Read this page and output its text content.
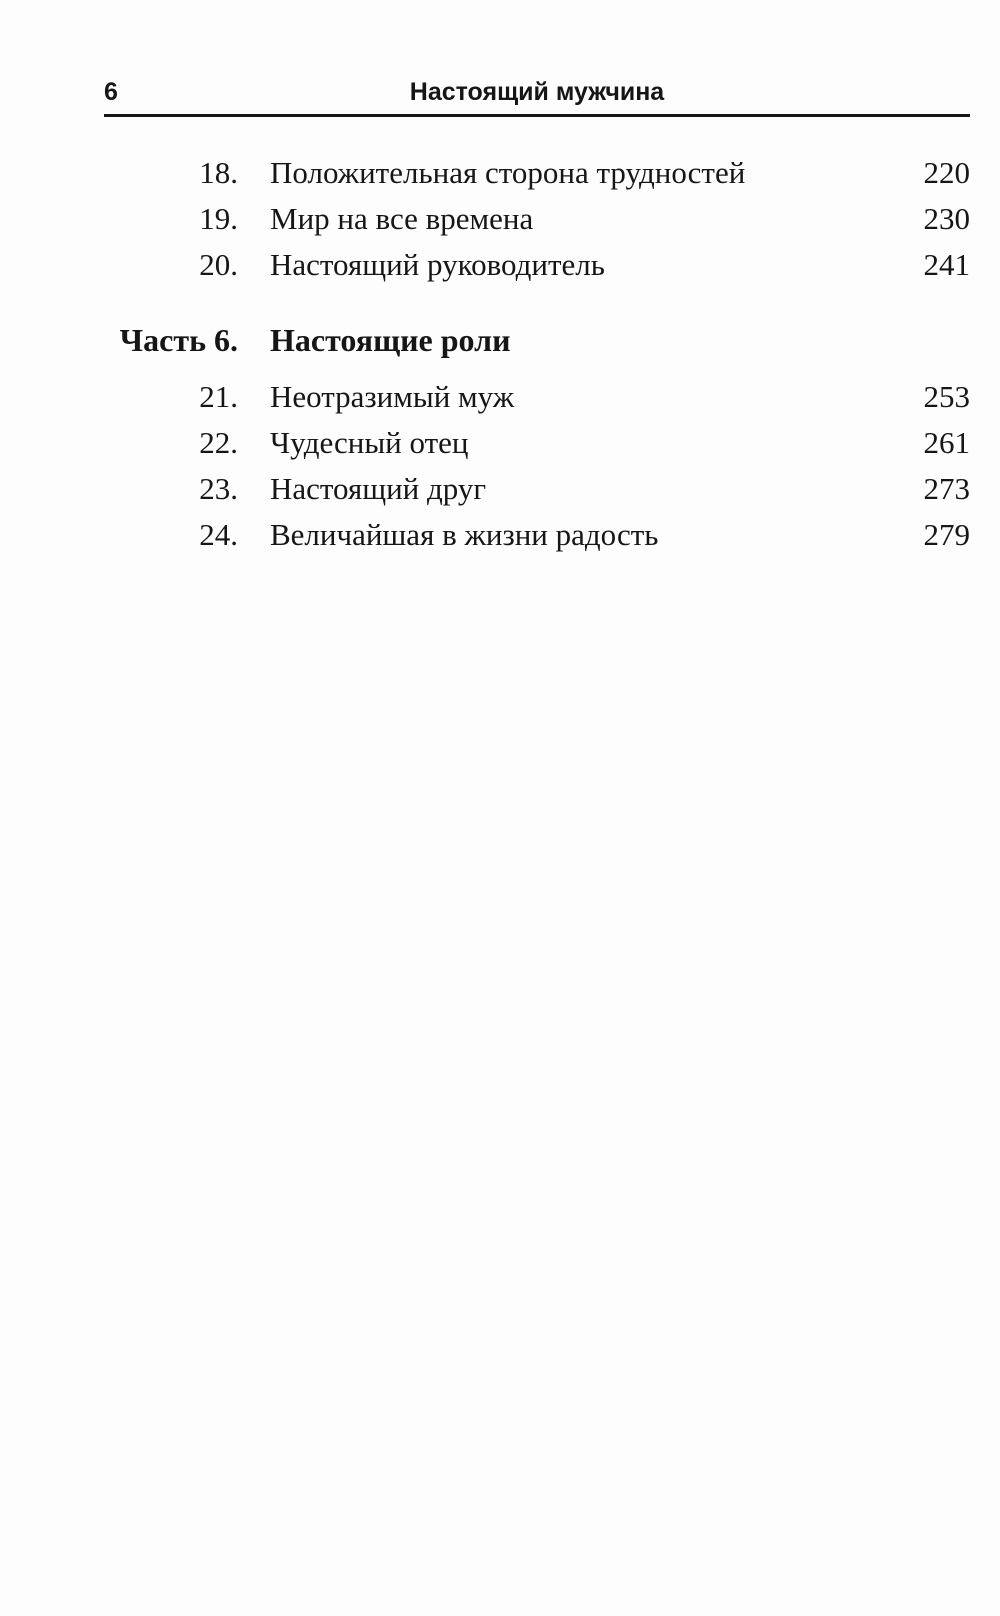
6	Настоящий мужчина
18. Положительная сторона трудностей	220
19. Мир на все времена	230
20. Настоящий руководитель	241
Часть 6. Настоящие роли
21. Неотразимый муж	253
22. Чудесный отец	261
23. Настоящий друг	273
24. Величайшая в жизни радость	279
